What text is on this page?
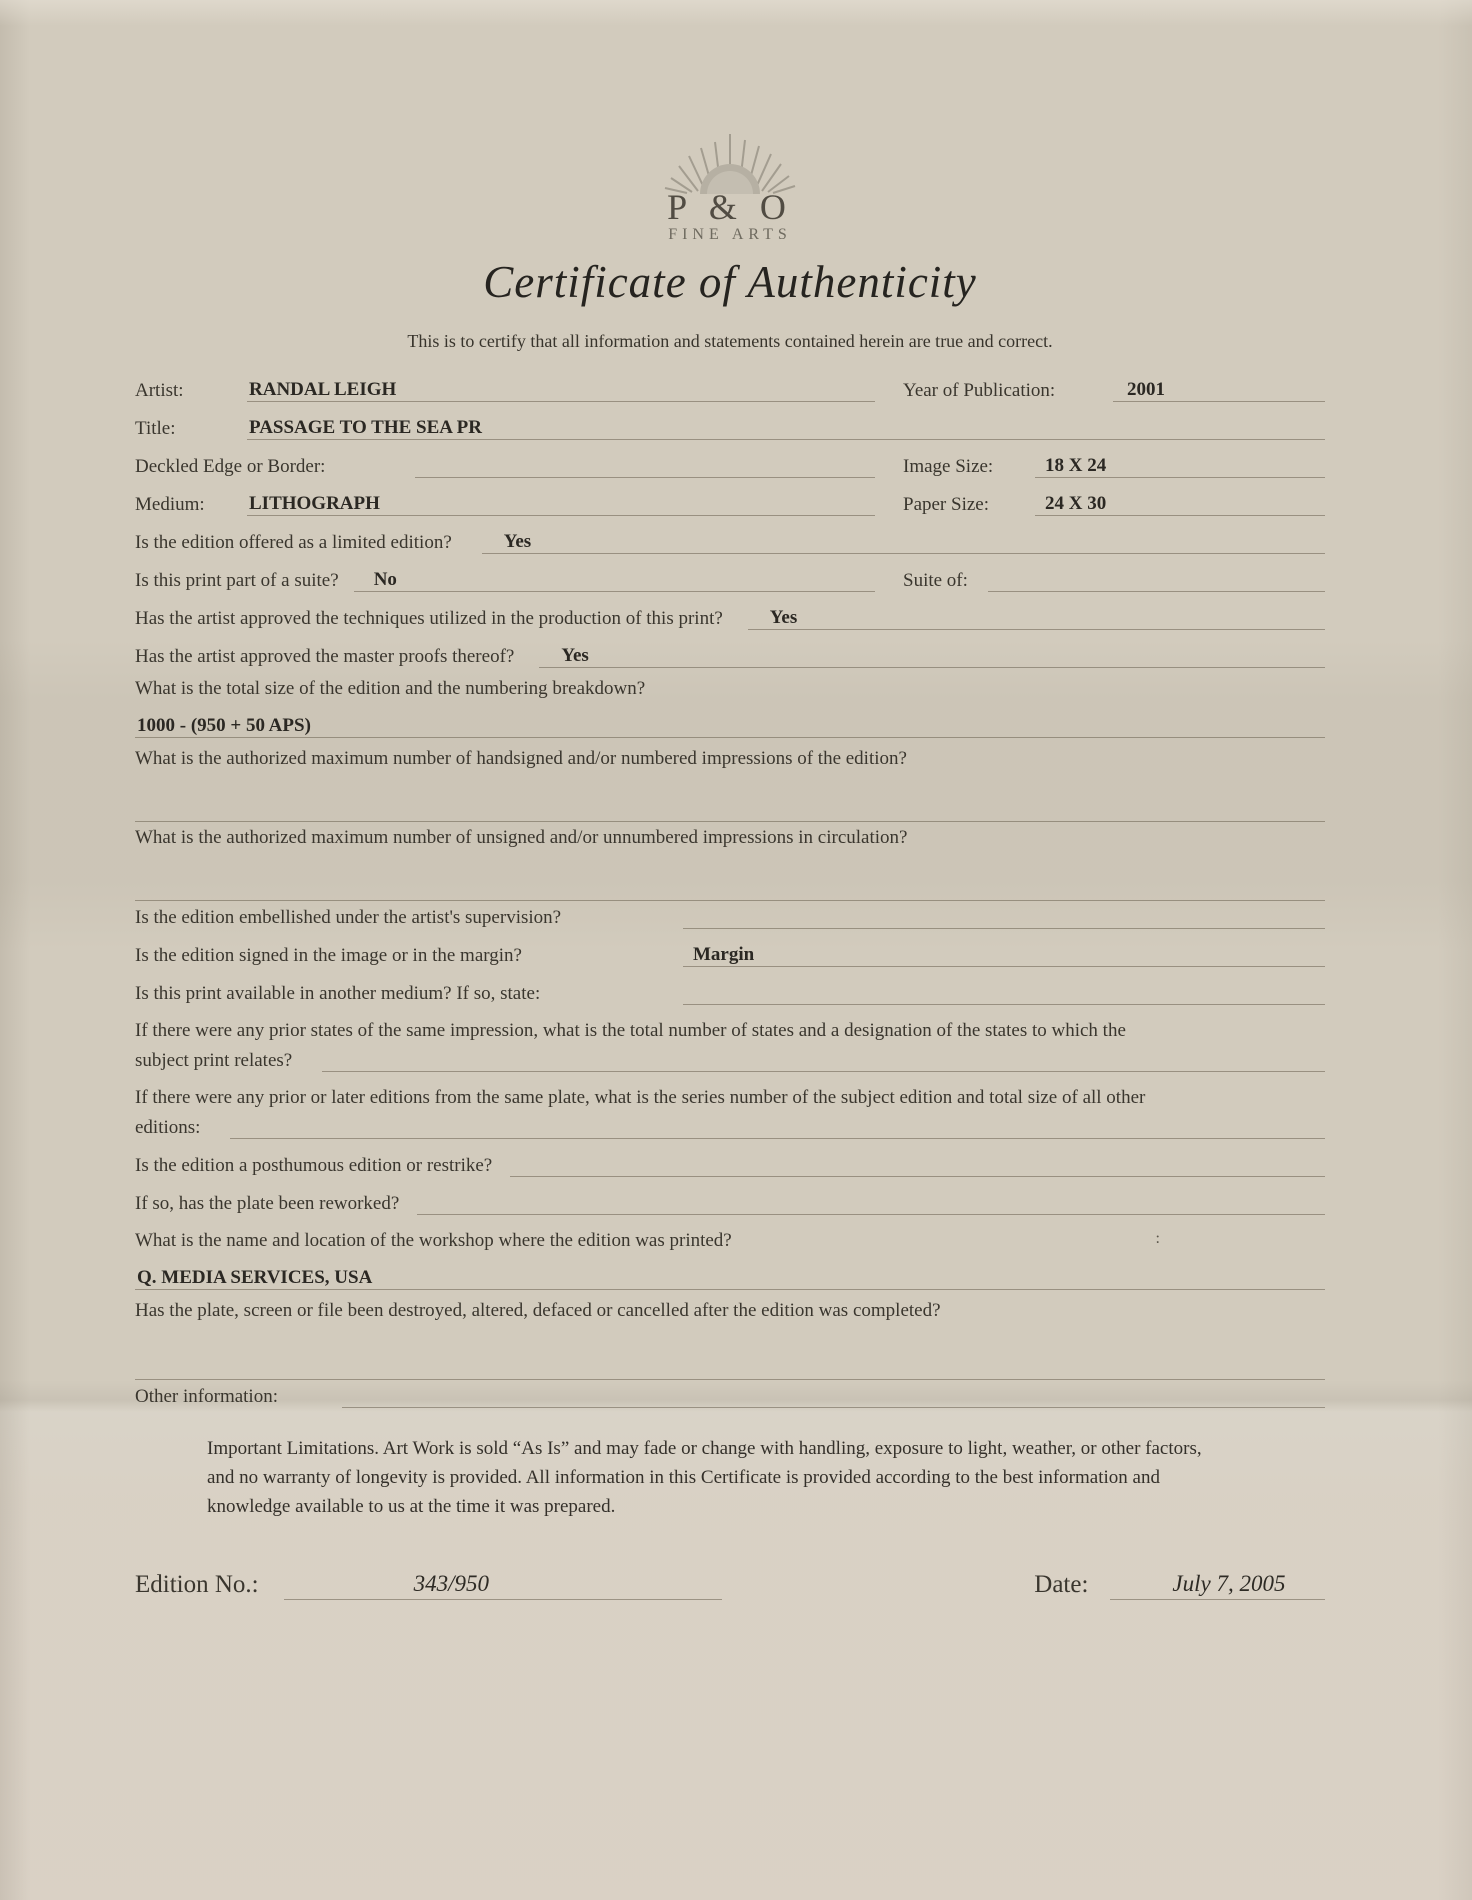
P & O
FINE ARTS
Certificate of Authenticity
This is to certify that all information and statements contained herein are true and correct.
Artist:	RANDAL LEIGH	Year of Publication:	2001
Title:	PASSAGE TO THE SEA PR
Deckled Edge or Border:	Image Size:	18 X 24
Medium:	LITHOGRAPH	Paper Size:	24 X 30
Is the edition offered as a limited edition?	Yes
Is this print part of a suite?	No	Suite of:
Has the artist approved the techniques utilized in the production of this print?	Yes
Has the artist approved the master proofs thereof?	Yes
What is the total size of the edition and the numbering breakdown?
1000 - (950 + 50 APS)
What is the authorized maximum number of handsigned and/or numbered impressions of the edition?
What is the authorized maximum number of unsigned and/or unnumbered impressions in circulation?
Is the edition embellished under the artist's supervision?
Is the edition signed in the image or in the margin?	Margin
Is this print available in another medium? If so, state:
If there were any prior states of the same impression, what is the total number of states and a designation of the states to which the
subject print relates?
If there were any prior or later editions from the same plate, what is the series number of the subject edition and total size of all other
editions:
Is the edition a posthumous edition or restrike?
If so, has the plate been reworked?
What is the name and location of the workshop where the edition was printed?	:
Q. MEDIA SERVICES, USA
Has the plate, screen or file been destroyed, altered, defaced or cancelled after the edition was completed?
Other information:
Important Limitations. Art Work is sold “As Is” and may fade or change with handling, exposure to light, weather, or other factors, and no warranty of longevity is provided. All information in this Certificate is provided according to the best information and knowledge available to us at the time it was prepared.
Edition No.:	343/950	Date:	July 7, 2005
